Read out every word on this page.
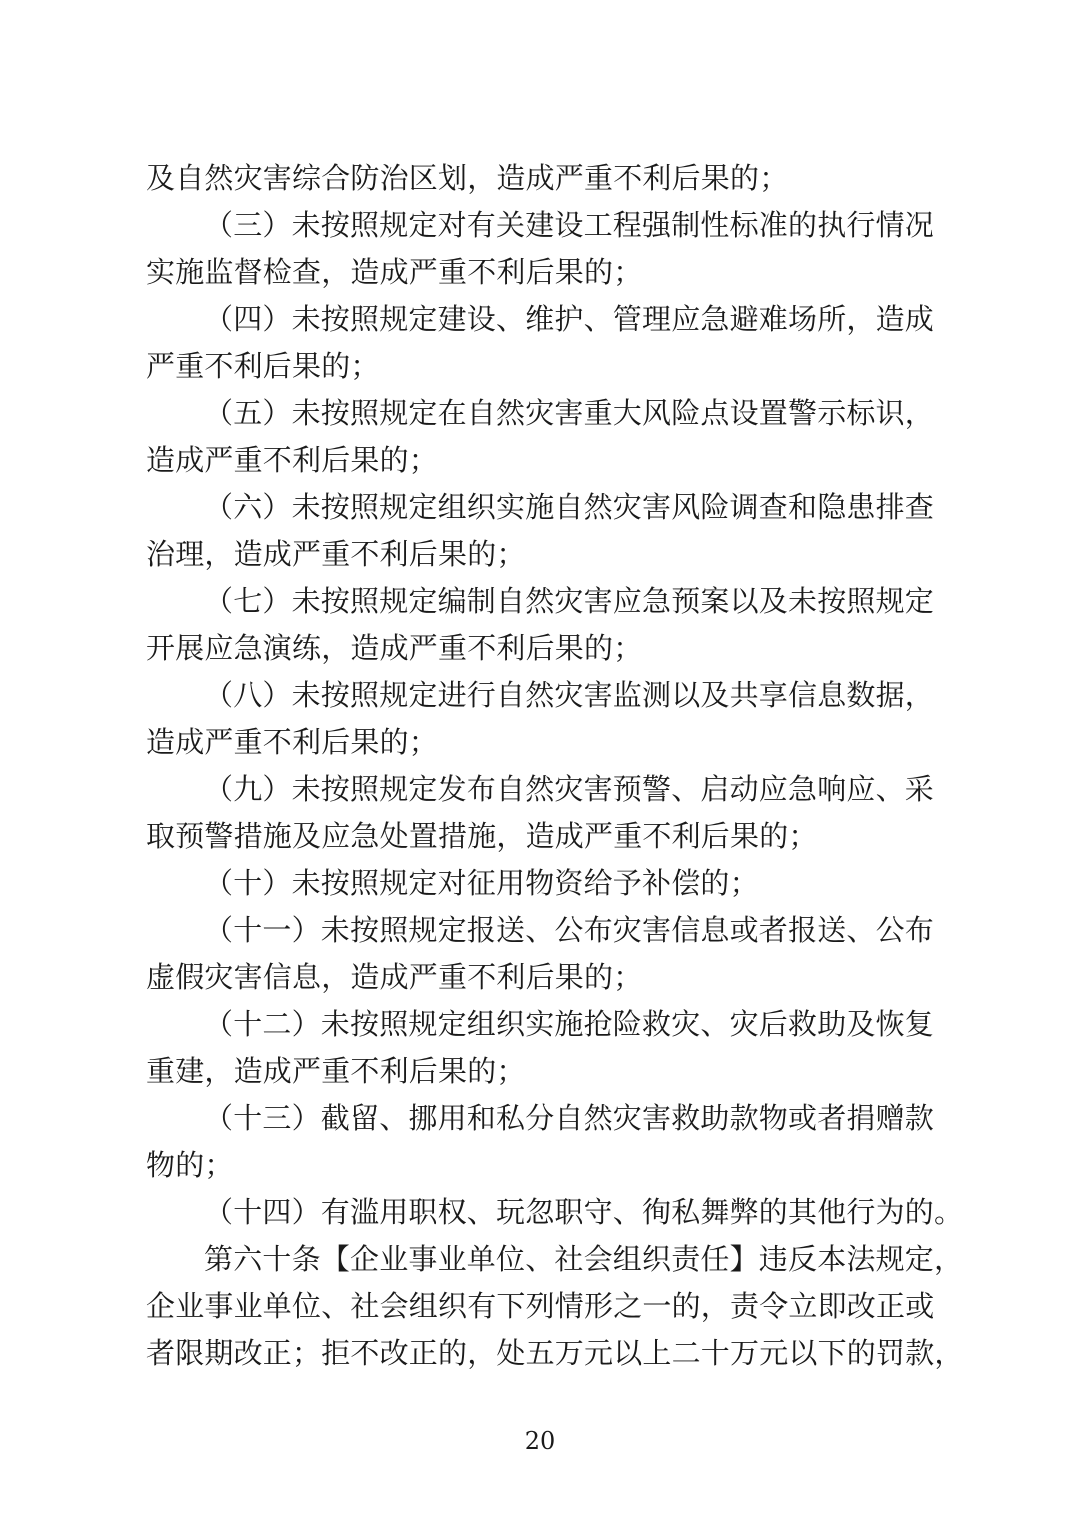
及自然灾害综合防治区划，造成严重不利后果的；
（三）未按照规定对有关建设工程强制性标准的执行情况
实施监督检查，造成严重不利后果的；
（四）未按照规定建设、维护、管理应急避难场所，造成
严重不利后果的；
（五）未按照规定在自然灾害重大风险点设置警示标识，
造成严重不利后果的；
（六）未按照规定组织实施自然灾害风险调查和隐患排查
治理，造成严重不利后果的；
（七）未按照规定编制自然灾害应急预案以及未按照规定
开展应急演练，造成严重不利后果的；
（八）未按照规定进行自然灾害监测以及共享信息数据，
造成严重不利后果的；
（九）未按照规定发布自然灾害预警、启动应急响应、采
取预警措施及应急处置措施，造成严重不利后果的；
（十）未按照规定对征用物资给予补偿的；
（十一）未按照规定报送、公布灾害信息或者报送、公布
虚假灾害信息，造成严重不利后果的；
（十二）未按照规定组织实施抢险救灾、灾后救助及恢复
重建，造成严重不利后果的；
（十三）截留、挪用和私分自然灾害救助款物或者捐赠款
物的；
（十四）有滥用职权、玩忽职守、徇私舞弊的其他行为的。
第六十条【企业事业单位、社会组织责任】违反本法规定，
企业事业单位、社会组织有下列情形之一的，责令立即改正或
者限期改正；拒不改正的，处五万元以上二十万元以下的罚款，
20
